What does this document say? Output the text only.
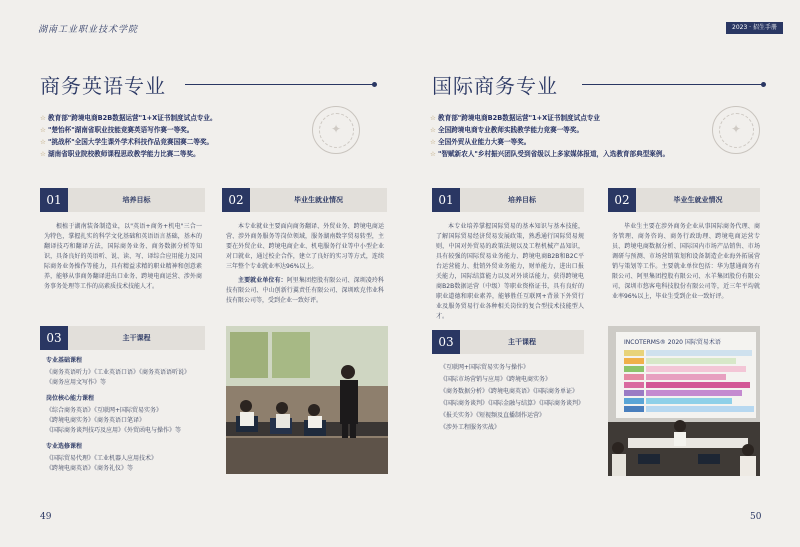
湖南工业职业技术学院	2023 · 招生手册
商务英语专业
☆ 教育部"跨境电商B2B数据运营"1+X证书制度试点专业。
☆ "楚怡杯"湖南省职业技能竞赛英语写作赛一等奖。
☆ "挑战杯"全国大学生课外学术科技作品竞赛国赛二等奖。
☆ 湖南省职业院校教师课程思政教学能力比赛二等奖。
✦
01	培养目标	02	毕业生就业情况
根植于湖南装备制造业，以"英语+商务+机电"三合一为特色，掌握扎实的科学文化基础和英语语言基础，基本的翻译技巧和翻译方法，国际商务业务、商务数据分析等知识，具备良好的英语听、说、读、写、译综合应用能力及国际商务业务操作等能力，具有精益求精的职业精神和创意素养，能够从事商务翻译进出口业务、跨境电商运营、涉外商务事务处理等工作的高素质技术技能人才。
本专业就业主要面向商务翻译、外贸业务、跨境电商运营、涉外商务服务等岗位领域，服务湖南数字贸易转型，主要在外贸企业、跨境电商企业、机电服务行业等中小型企业对口就业，通过校企合作，建立了良好的实习等方式，连续三年整个专业就业率达96%以上。
主要就业单位有：阿里集团控股有限公司、深圳凌玲科技有限公司、中山创新行翼责任有限公司、深圳欧克伟业科技有限公司等，受到企业一致好评。
03	主干课程
专业基础课程
《商务英语听力》《工业英语口语》《商务英语语听说》
《商务应用文写作》等
岗位核心能力课程
《综合商务英语》《互联网+国际贸易实务》
《跨境电商实务》《商务英语口笔译》
《国际商务谈判技巧及应用》《外贸函电与操作》等
专业选修课程
《国际贸易代理》《工业机器人应用技术》
《跨境电商英语》《商务礼仪》等
49
国际商务专业
☆ 教育部"跨境电商B2B数据运营"1+X证书制度试点专业
☆ 全国跨境电商专业教师实践教学能力竞赛一等奖。
☆ 全国外贸从业能力大赛一等奖。
☆ "智赋新农人"乡村振兴团队受到省级以上多家媒体报道，入选教育部典型案例。
✦
01	培养目标	02	毕业生就业情况
本专业培养掌握国际贸易的基本知识与基本技能，了解国际贸易经济贸易发展政策，熟悉通行国际贸易规则，中国对外贸易的政策法规以及工程机械产品知识，具有较强的国际贸易业务能力、跨境电商B2B和B2C平台运营能力、批销外贸业务能力，财单能力，进出口报关能力，国际结算能力以及对外谈话能力，获得跨境电商B2B数据运营（中级）等职业资格证书，具有良好的职业道德和职业素养，能够胜任互联网+背景下外贸行业及服务贸易行业各种相关岗位的复合型技术技能型人才。
毕业生主要在涉外商务企业从事国际商务代理、商务管理、商务咨询、商务行政助理、跨境电商运营专员、跨境电商数据分析、国际国内市场产品销售、市场调研与预测、市场营销策划和设备制造企业海外拓展营销与策划等工作。主要就业单位包括：华为慧通商务有限公司、阿里集团控股有限公司、水羊集团股份有限公司，深圳市悠客电科技股份有限公司等，近三年平均就业率96%以上，毕业生受到企业一致好评。
03	主干课程
《互联网+国际贸易实务与操作》
《国际市场营销与应用》《跨境电商实务》
《商务数据分析》《跨境电商英语》《国际商务单证》
《国际商务谈判》《国际金融与结算》《国际商务谈判》
《报关实务》《短视频及直播制作运营》
《涉外工程服务实战》
INCOTERMS® 2020 国际贸易术语
50
